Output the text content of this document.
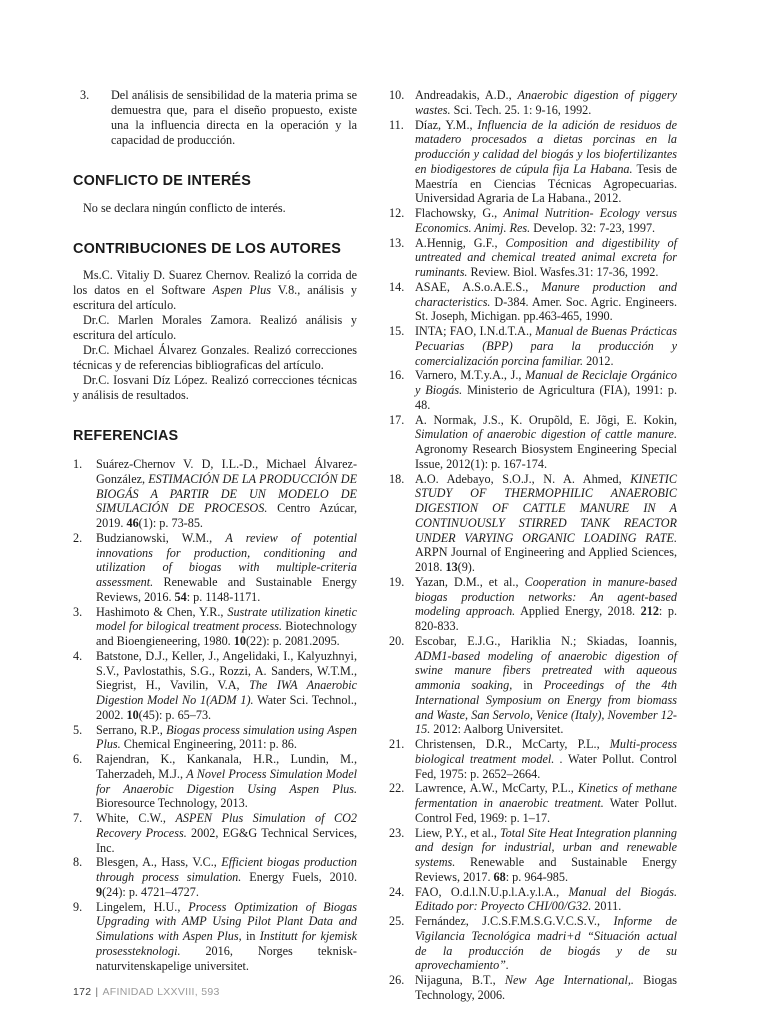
3. Del análisis de sensibilidad de la materia prima se demuestra que, para el diseño propuesto, existe una la influencia directa en la operación y la capacidad de producción.
CONFLICTO DE INTERÉS

No se declara ningún conflicto de interés.

CONTRIBUCIONES DE LOS AUTORES

Ms.C. Vitaliy D. Suarez Chernov. Realizó la corrida de los datos en el Software Aspen Plus V.8., análisis y escritura del artículo.

Dr.C. Marlen Morales Zamora. Realizó análisis y escritura del artículo.

Dr.C. Michael Álvarez Gonzales. Realizó correcciones técnicas y de referencias bibliograficas del artículo.

Dr.C. Iosvani Díz López. Realizó correcciones técnicas y análisis de resultados.

REFERENCIAS
1. Suárez-Chernov V. D, I.L.-D., Michael Álvarez-González, ESTIMACIÓN DE LA PRODUCCIÓN DE BIOGÁS A PARTIR DE UN MODELO DE SIMULACIÓN DE PROCESOS. Centro Azúcar, 2019. 46(1): p. 73-85.
2. Budzianowski, W.M., A review of potential innovations for production, conditioning and utilization of biogas with multiple-criteria assessment. Renewable and Sustainable Energy Reviews, 2016. 54: p. 1148-1171.
3. Hashimoto & Chen, Y.R., Sustrate utilization kinetic model for bilogical treatment process. Biotechnology and Bioengieneering, 1980. 10(22): p. 2081.2095.
4. Batstone, D.J., Keller, J., Angelidaki, I., Kalyuzhnyi, S.V., Pavlostathis, S.G., Rozzi, A. Sanders, W.T.M., Siegrist, H., Vavilin, V.A, The IWA Anaerobic Digestion Model No 1(ADM 1). Water Sci. Technol., 2002. 10(45): p. 65–73.
5. Serrano, R.P., Biogas process simulation using Aspen Plus. Chemical Engineering, 2011: p. 86.
6. Rajendran, K., Kankanala, H.R., Lundin, M., Taherzadeh, M.J., A Novel Process Simulation Model for Anaerobic Digestion Using Aspen Plus. Bioresource Technology, 2013.
7. White, C.W., ASPEN Plus Simulation of CO2 Recovery Process. 2002, EG&G Technical Services, Inc.
8. Blesgen, A., Hass, V.C., Efficient biogas production through process simulation. Energy Fuels, 2010. 9(24): p. 4721–4727.
9. Lingelem, H.U., Process Optimization of Biogas Upgrading with AMP Using Pilot Plant Data and Simulations with Aspen Plus, in Institutt for kjemisk prosessteknologi. 2016, Norges teknisk-naturvitenskapelige universitet.
10. Andreadakis, A.D., Anaerobic digestion of piggery wastes. Sci. Tech. 25. 1: 9-16, 1992.
11. Díaz, Y.M., Influencia de la adición de residuos de matadero procesados a dietas porcinas en la producción y calidad del biogás y los biofertilizantes en biodigestores de cúpula fija La Habana. Tesis de Maestría en Ciencias Técnicas Agropecuarias. Universidad Agraria de La Habana., 2012.
12. Flachowsky, G., Animal Nutrition- Ecology versus Economics. Animj. Res. Develop. 32: 7-23, 1997.
13. A.Hennig, G.F., Composition and digestibility of untreated and chemical treated animal excreta for ruminants. Review. Biol. Wasfes.31: 17-36, 1992.
14. ASAE, A.S.o.A.E.S., Manure production and characteristics. D-384. Amer. Soc. Agric. Engineers. St. Joseph, Michigan. pp.463-465, 1990.
15. INTA; FAO, I.N.d.T.A., Manual de Buenas Prácticas Pecuarias (BPP) para la producción y comercialización porcina familiar. 2012.
16. Varnero, M.T.y.A., J., Manual de Reciclaje Orgánico y Biogás. Ministerio de Agricultura (FIA), 1991: p. 48.
17. A. Normak, J.S., K. Orupõld, E. Jõgi, E. Kokin, Simulation of anaerobic digestion of cattle manure. Agronomy Research Biosystem Engineering Special Issue, 2012(1): p. 167-174.
18. A.O. Adebayo, S.O.J., N. A. Ahmed, KINETIC STUDY OF THERMOPHILIC ANAEROBIC DIGESTION OF CATTLE MANURE IN A CONTINUOUSLY STIRRED TANK REACTOR UNDER VARYING ORGANIC LOADING RATE. ARPN Journal of Engineering and Applied Sciences, 2018. 13(9).
19. Yazan, D.M., et al., Cooperation in manure-based biogas production networks: An agent-based modeling approach. Applied Energy, 2018. 212: p. 820-833.
20. Escobar, E.J.G., Hariklia N.; Skiadas, Ioannis, ADM1-based modeling of anaerobic digestion of swine manure fibers pretreated with aqueous ammonia soaking, in Proceedings of the 4th International Symposium on Energy from biomass and Waste, San Servolo, Venice (Italy), November 12-15. 2012: Aalborg Universitet.
21. Christensen, D.R., McCarty, P.L., Multi-process biological treatment model. . Water Pollut. Control Fed, 1975: p. 2652–2664.
22. Lawrence, A.W., McCarty, P.L., Kinetics of methane fermentation in anaerobic treatment. Water Pollut. Control Fed, 1969: p. 1–17.
23. Liew, P.Y., et al., Total Site Heat Integration planning and design for industrial, urban and renewable systems. Renewable and Sustainable Energy Reviews, 2017. 68: p. 964-985.
24. FAO, O.d.l.N.U.p.l.A.y.l.A., Manual del Biogás. Editado por: Proyecto CHI/00/G32. 2011.
25. Fernández, J.C.S.F.M.S.G.V.C.S.V., Informe de Vigilancia Tecnológica madri+d “Situación actual de la producción de biogás y de su aprovechamiento”.
26. Nijaguna, B.T., New Age International,. Biogas Technology, 2006.
172 | AFINIDAD LXXVIII, 593
